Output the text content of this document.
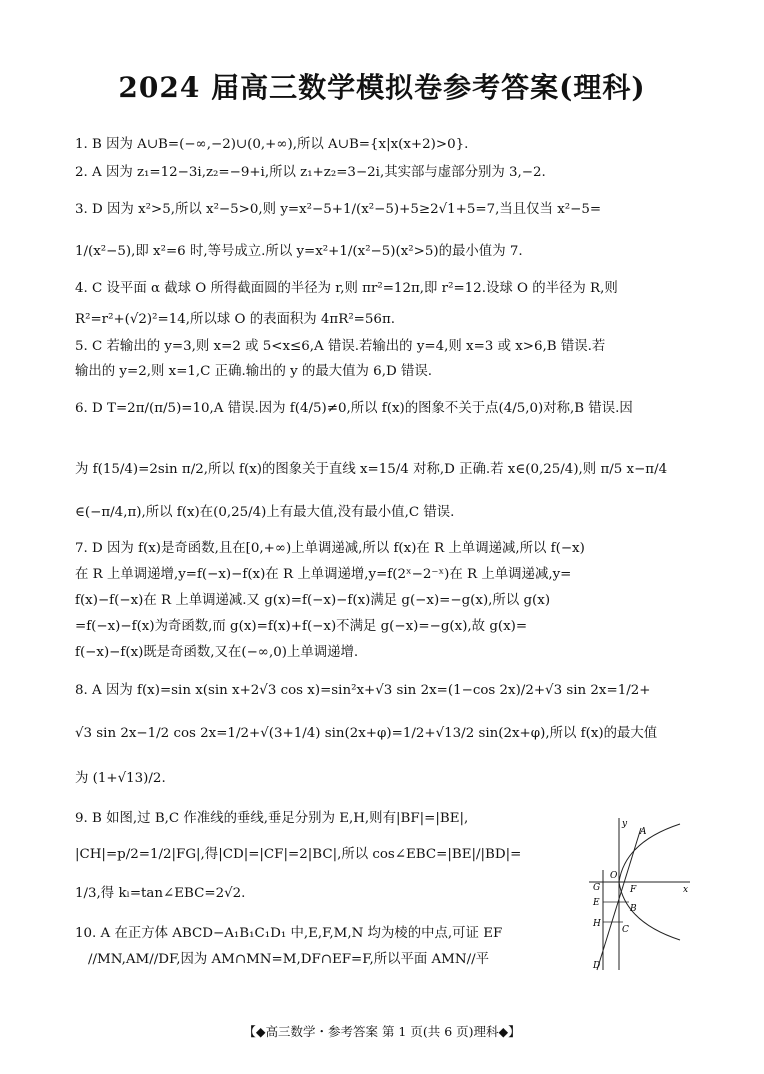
2024 届高三数学模拟卷参考答案(理科)
1. B 因为 A∪B=(−∞,−2)∪(0,+∞),所以 A∪B={x|x(x+2)>0}.
2. A 因为 z₁=12−3i,z₂=−9+i,所以 z₁+z₂=3−2i,其实部与虚部分别为 3,−2.
3. D 因为 x²>5,所以 x²−5>0,则 y=x²−5+1/(x²−5)+5≥2√1+5=7,当且仅当 x²−5=
1/(x²−5),即 x²=6 时,等号成立.所以 y=x²+1/(x²−5)(x²>5)的最小值为 7.
4. C 设平面 α 截球 O 所得截面圆的半径为 r,则 πr²=12π,即 r²=12.设球 O 的半径为 R,则
R²=r²+(√2)²=14,所以球 O 的表面积为 4πR²=56π.
5. C 若输出的 y=3,则 x=2 或 5<x≤6,A 错误.若输出的 y=4,则 x=3 或 x>6,B 错误.若
输出的 y=2,则 x=1,C 正确.输出的 y 的最大值为 6,D 错误.
6. D T=2π/(π/5)=10,A 错误.因为 f(4/5)≠0,所以 f(x)的图象不关于点(4/5,0)对称,B 错误.因
为 f(15/4)=2sin π/2,所以 f(x)的图象关于直线 x=15/4 对称,D 正确.若 x∈(0,25/4),则 π/5 x−π/4
∈(−π/4,π),所以 f(x)在(0,25/4)上有最大值,没有最小值,C 错误.
7. D 因为 f(x)是奇函数,且在[0,+∞)上单调递减,所以 f(x)在 R 上单调递减,所以 f(−x)
在 R 上单调递增,y=f(−x)−f(x)在 R 上单调递增,y=f(2ˣ−2⁻ˣ)在 R 上单调递减,y=
f(x)−f(−x)在 R 上单调递减.又 g(x)=f(−x)−f(x)满足 g(−x)=−g(x),所以 g(x)
=f(−x)−f(x)为奇函数,而 g(x)=f(x)+f(−x)不满足 g(−x)=−g(x),故 g(x)=
f(−x)−f(x)既是奇函数,又在(−∞,0)上单调递增.
8. A 因为 f(x)=sin x(sin x+2√3 cos x)=sin²x+√3 sin 2x=(1−cos 2x)/2+√3 sin 2x=1/2+
√3 sin 2x−1/2 cos 2x=1/2+√(3+1/4) sin(2x+φ)=1/2+√13/2 sin(2x+φ),所以 f(x)的最大值
为 (1+√13)/2.
9. B 如图,过 B,C 作准线的垂线,垂足分别为 E,H,则有|BF|=|BE|,
|CH|=p/2=1/2|FG|,得|CD|=|CF|=2|BC|,所以 cos∠EBC=|BE|/|BD|=
1/3,得 kₗ=tan∠EBC=2√2.
10. A 在正方体 ABCD−A₁B₁C₁D₁ 中,E,F,M,N 均为棱的中点,可证 EF
//MN,AM//DF,因为 AM∩MN=M,DF∩EF=F,所以平面 AMN//平
y
x
O
A
G	F
E
B
H
C
D
【◆高三数学・参考答案 第 1 页(共 6 页)理科◆】
